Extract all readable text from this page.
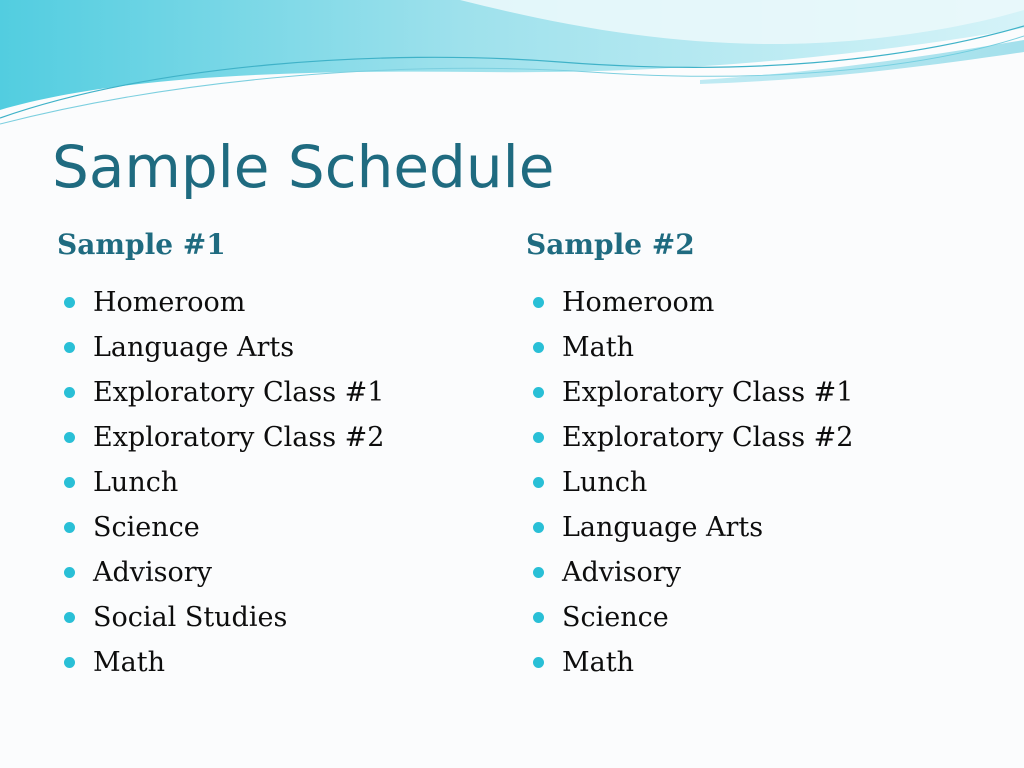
Sample Schedule
Sample #1
Homeroom
Language Arts
Exploratory Class #1
Exploratory Class #2
Lunch
Science
Advisory
Social Studies
Math
Sample #2
Homeroom
Math
Exploratory Class #1
Exploratory Class #2
Lunch
Language Arts
Advisory
Science
Math
